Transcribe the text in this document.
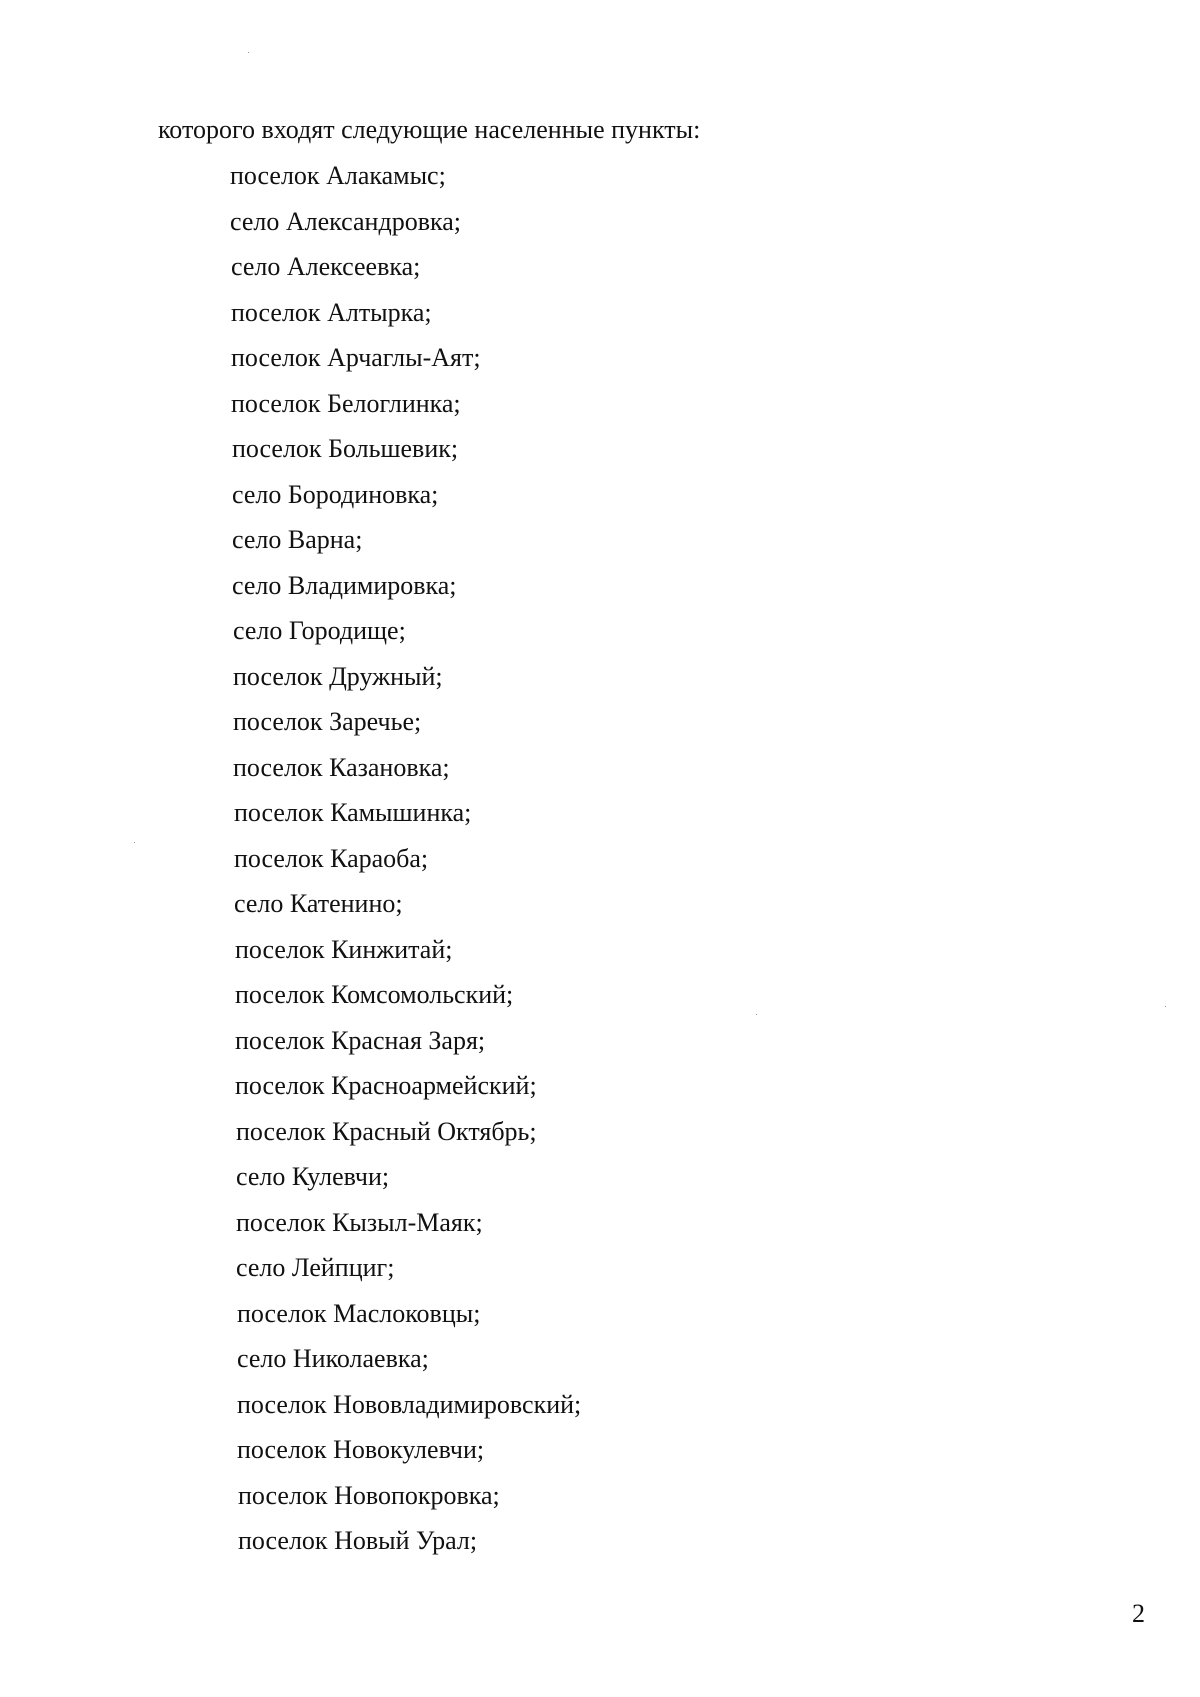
которого входят следующие населенные пункты:

поселок Алакамыс;
село Александровка;
село Алексеевка;
поселок Алтырка;
поселок Арчаглы-Аят;
поселок Белоглинка;
поселок Большевик;
село Бородиновка;
село Варна;
село Владимировка;
село Городище;
поселок Дружный;
поселок Заречье;
поселок Казановка;
поселок Камышинка;
поселок Караоба;
село Катенино;
поселок Кинжитай;
поселок Комсомольский;
поселок Красная Заря;
поселок Красноармейский;
поселок Красный Октябрь;
село Кулевчи;
поселок Кызыл-Маяк;
село Лейпциг;
поселок Маслоковцы;
село Николаевка;
поселок Нововладимировский;
поселок Новокулевчи;
поселок Новопокровка;
поселок Новый Урал;
2
